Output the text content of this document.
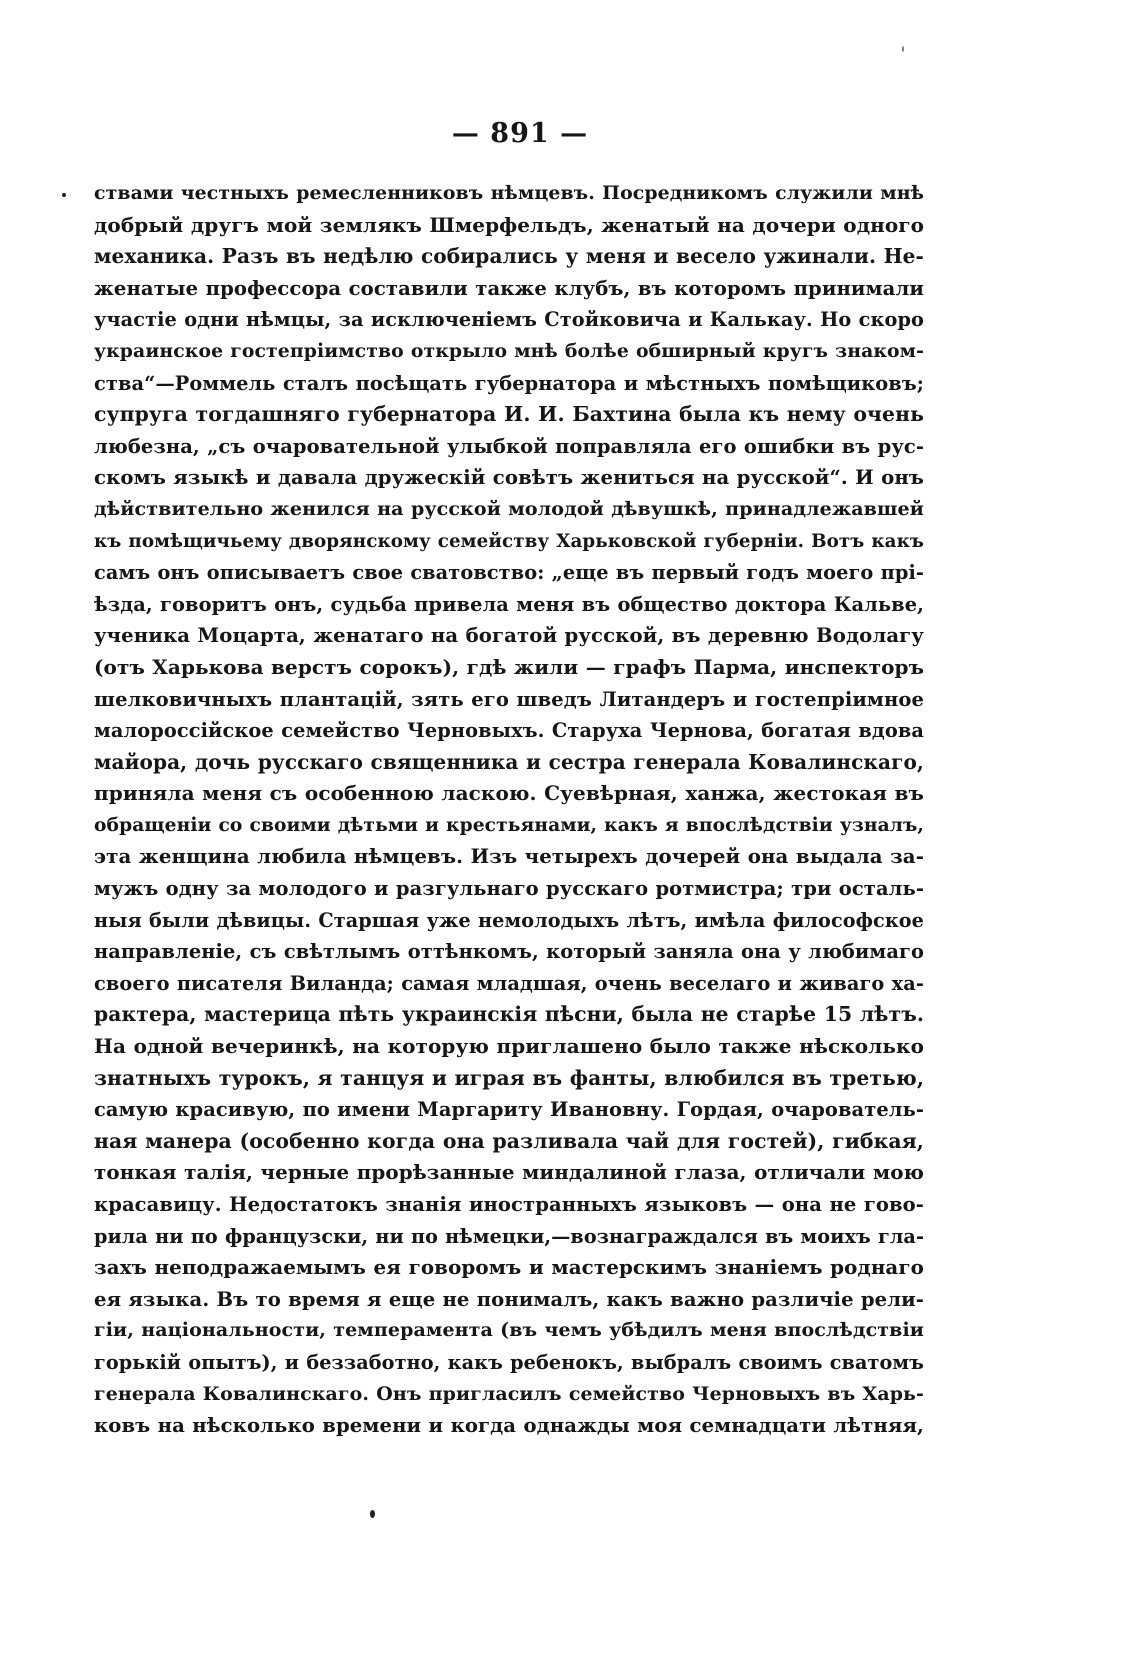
— 891 —
ствами честныхъ ремесленниковъ нѣмцевъ. Посредникомъ служили мнѣ
добрый другъ мой землякъ Шмерфельдъ, женатый на дочери одного
механика. Разъ въ недѣлю собирались у меня и весело ужинали. Не-
женатые профессора составили также клубъ, въ которомъ принимали
участіе одни нѣмцы, за исключеніемъ Стойковича и Калькау. Но скоро
украинское гостепріимство открыло мнѣ болѣе обширный кругъ знаком-
ства“—Роммель сталъ посѣщать губернатора и мѣстныхъ помѣщиковъ;
супруга тогдашняго губернатора И. И. Бахтина была къ нему очень
любезна, „съ очаровательной улыбкой поправляла его ошибки въ рус-
скомъ языкѣ и давала дружескій совѣтъ жениться на русской“. И онъ
дѣйствительно женился на русской молодой дѣвушкѣ, принадлежавшей
къ помѣщичьему дворянскому семейству Харьковской губерніи. Вотъ какъ
самъ онъ описываетъ свое сватовство: „еще въ первый годъ моего прі-
ѣзда, говоритъ онъ, судьба привела меня въ общество доктора Кальве,
ученика Моцарта, женатаго на богатой русской, въ деревню Водолагу
(отъ Харькова верстъ сорокъ), гдѣ жили — графъ Парма, инспекторъ
шелковичныхъ плантацій, зять его шведъ Литандеръ и гостепріимное
малороссійское семейство Черновыхъ. Старуха Чернова, богатая вдова
майора, дочь русскаго священника и сестра генерала Ковалинскаго,
приняла меня съ особенною ласкою. Суевѣрная, ханжа, жестокая въ
обращеніи со своими дѣтьми и крестьянами, какъ я впослѣдствіи узналъ,
эта женщина любила нѣмцевъ. Изъ четырехъ дочерей она выдала за-
мужъ одну за молодого и разгульнаго русскаго ротмистра; три осталь-
ныя были дѣвицы. Старшая уже немолодыхъ лѣтъ, имѣла философское
направленіе, съ свѣтлымъ оттѣнкомъ, который заняла она у любимаго
своего писателя Виланда; самая младшая, очень веселаго и живаго ха-
рактера, мастерица пѣть украинскія пѣсни, была не старѣе 15 лѣтъ.
На одной вечеринкѣ, на которую приглашено было также нѣсколько
знатныхъ турокъ, я танцуя и играя въ фанты, влюбился въ третью,
самую красивую, по имени Маргариту Ивановну. Гордая, очарователь-
ная манера (особенно когда она разливала чай для гостей), гибкая,
тонкая талія, черные прорѣзанные миндалиной глаза, отличали мою
красавицу. Недостатокъ знанія иностранныхъ языковъ — она не гово-
рила ни по французски, ни по нѣмецки,—вознаграждался въ моихъ гла-
захъ неподражаемымъ ея говоромъ и мастерскимъ знаніемъ роднаго
ея языка. Въ то время я еще не понималъ, какъ важно различіе рели-
гіи, національности, темперамента (въ чемъ убѣдилъ меня впослѣдствіи
горькій опытъ), и беззаботно, какъ ребенокъ, выбралъ своимъ сватомъ
генерала Ковалинскаго. Онъ пригласилъ семейство Черновыхъ въ Харь-
ковъ на нѣсколько времени и когда однажды моя семнадцати лѣтняя,
